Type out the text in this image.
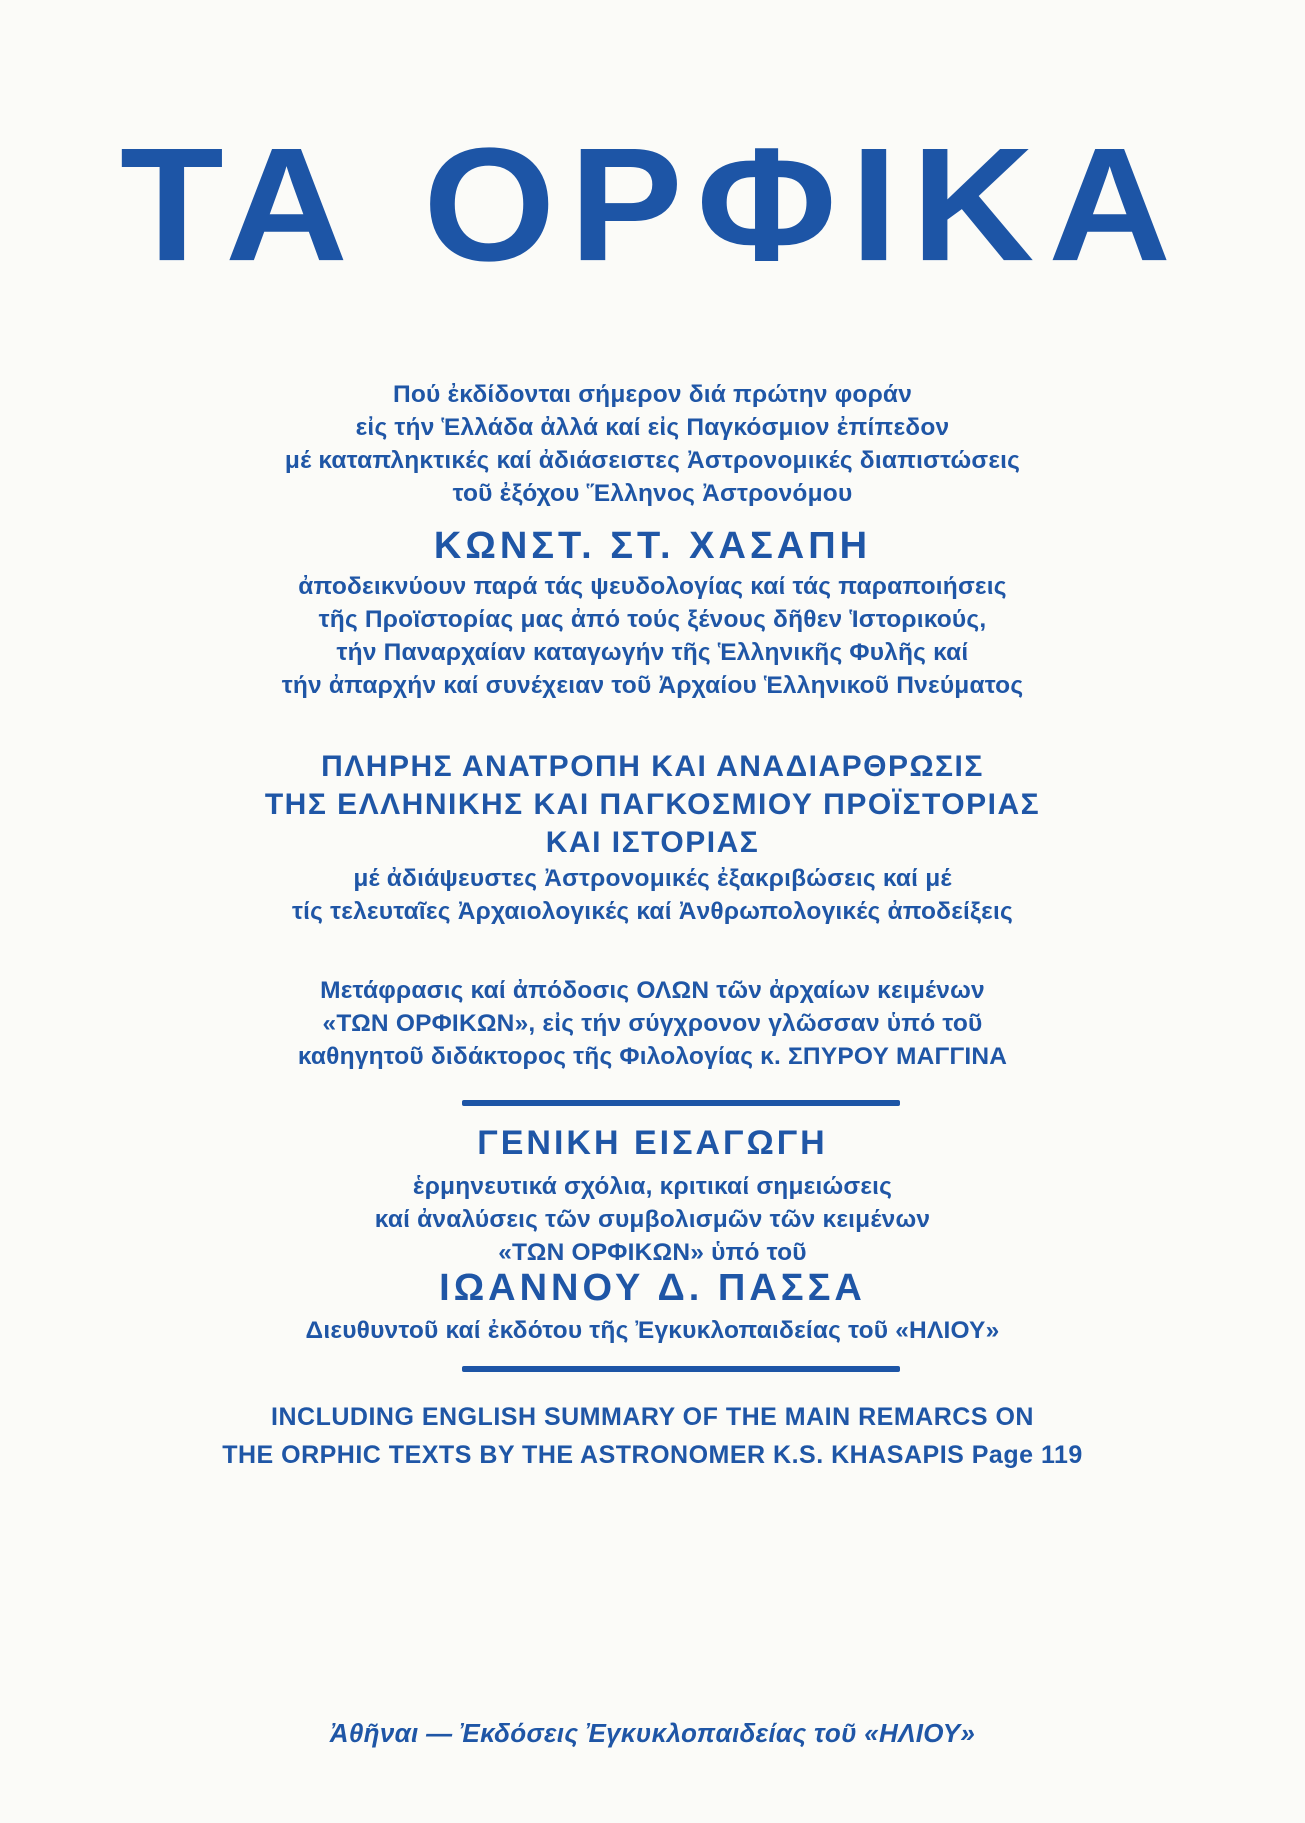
ΤΑ ΟΡΦΙΚΑ
Πού ἐκδίδονται σήμερον διά πρώτην φοράν
εἰς τήν Ἑλλάδα ἀλλά καί εἰς Παγκόσμιον ἐπίπεδον
μέ καταπληκτικές καί ἀδιάσειστες Ἀστρονομικές διαπιστώσεις
τοῦ ἐξόχου Ἕλληνος Ἀστρονόμου
ΚΩΝΣΤ. ΣΤ. ΧΑΣΑΠΗ
ἀποδεικνύουν παρά τάς ψευδολογίας καί τάς παραποιήσεις
τῆς Προϊστορίας μας ἀπό τούς ξένους δῆθεν Ἱστορικούς,
τήν Παναρχαίαν καταγωγήν τῆς Ἑλληνικῆς Φυλῆς καί
τήν ἀπαρχήν καί συνέχειαν τοῦ Ἀρχαίου Ἑλληνικοῦ Πνεύματος
ΠΛΗΡΗΣ ΑΝΑΤΡΟΠΗ ΚΑΙ ΑΝΑΔΙΑΡΘΡΩΣΙΣ
ΤΗΣ ΕΛΛΗΝΙΚΗΣ ΚΑΙ ΠΑΓΚΟΣΜΙΟΥ ΠΡΟΪΣΤΟΡΙΑΣ
ΚΑΙ ΙΣΤΟΡΙΑΣ
μέ ἀδιάψευστες Ἀστρονομικές ἐξακριβώσεις καί μέ
τίς τελευταῖες Ἀρχαιολογικές καί Ἀνθρωπολογικές ἀποδείξεις
Μετάφρασις καί ἀπόδοσις ΟΛΩΝ τῶν ἀρχαίων κειμένων
«ΤΩΝ ΟΡΦΙΚΩΝ», εἰς τήν σύγχρονον γλῶσσαν ὑπό τοῦ
καθηγητοῦ διδάκτορος τῆς Φιλολογίας κ. ΣΠΥΡΟΥ ΜΑΓΓΙΝΑ
ΓΕΝΙΚΗ ΕΙΣΑΓΩΓΗ
ἑρμηνευτικά σχόλια, κριτικαί σημειώσεις
καί ἀναλύσεις τῶν συμβολισμῶν τῶν κειμένων
«ΤΩΝ ΟΡΦΙΚΩΝ» ὑπό τοῦ
ΙΩΑΝΝΟΥ Δ. ΠΑΣΣΑ
Διευθυντοῦ καί ἐκδότου τῆς Ἐγκυκλοπαιδείας τοῦ «ΗΛΙΟΥ»
INCLUDING ENGLISH SUMMARY OF THE MAIN REMARCS ON
THE ORPHIC TEXTS BY THE ASTRONOMER K.S. KHASAPIS Page 119
Ἀθῆναι — Ἐκδόσεις Ἐγκυκλοπαιδείας τοῦ «ΗΛΙΟΥ»
